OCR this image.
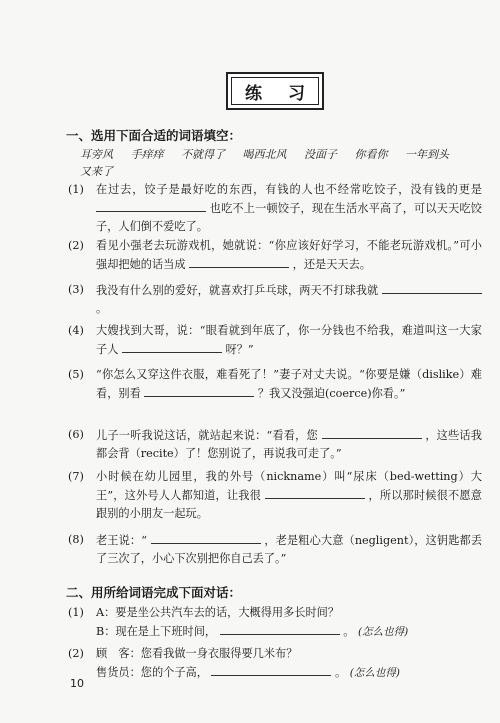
练 习
一、选用下面合适的词语填空：
耳旁风 手痒痒 不就得了 喝西北风 没面子 你看你 一年到头
又来了
(1) 在过去，饺子是最好吃的东西，有钱的人也不经常吃饺子，没有钱的更是  也吃不上一顿饺子，现在生活水平高了，可以天天吃饺子，人们倒不爱吃了。
(2) 看见小强老去玩游戏机，她就说：“你应该好好学习，不能老玩游戏机。”可小强却把她的话当成	，还是天天去。
(3) 我没有什么别的爱好，就喜欢打乒乓球，两天不打球我就  。
(4) 大嫂找到大哥，说：“眼看就到年底了，你一分钱也不给我，难道叫这一大家子人	呀？”
(5) “你怎么又穿这件衣服，难看死了！”妻子对丈夫说。“你要是嫌（dislike）难看，别看	？我又没强迫(coerce)你看。”
(6) 儿子一听我说这话，就站起来说：“看看，您	，这些话我都会背（recite）了！您别说了，再说我可走了。”
(7) 小时候在幼儿园里，我的外号（nickname）叫“尿床（bed-wetting）大王”，这外号人人都知道，让我很	，所以那时候很不愿意跟别的小朋友一起玩。
(8) 老王说：“	，老是粗心大意（negligent），这钥匙都丢了三次了，小心下次别把你自己丢了。”
二、用所给词语完成下面对话：
(1) A：要是坐公共汽车去的话，大概得用多长时间？
B：现在是上下班时间，	。 (怎么也得)
(2) 顾　客：您看我做一身衣服得要几米布？
售货员：您的个子高，	。 (怎么也得)
10
